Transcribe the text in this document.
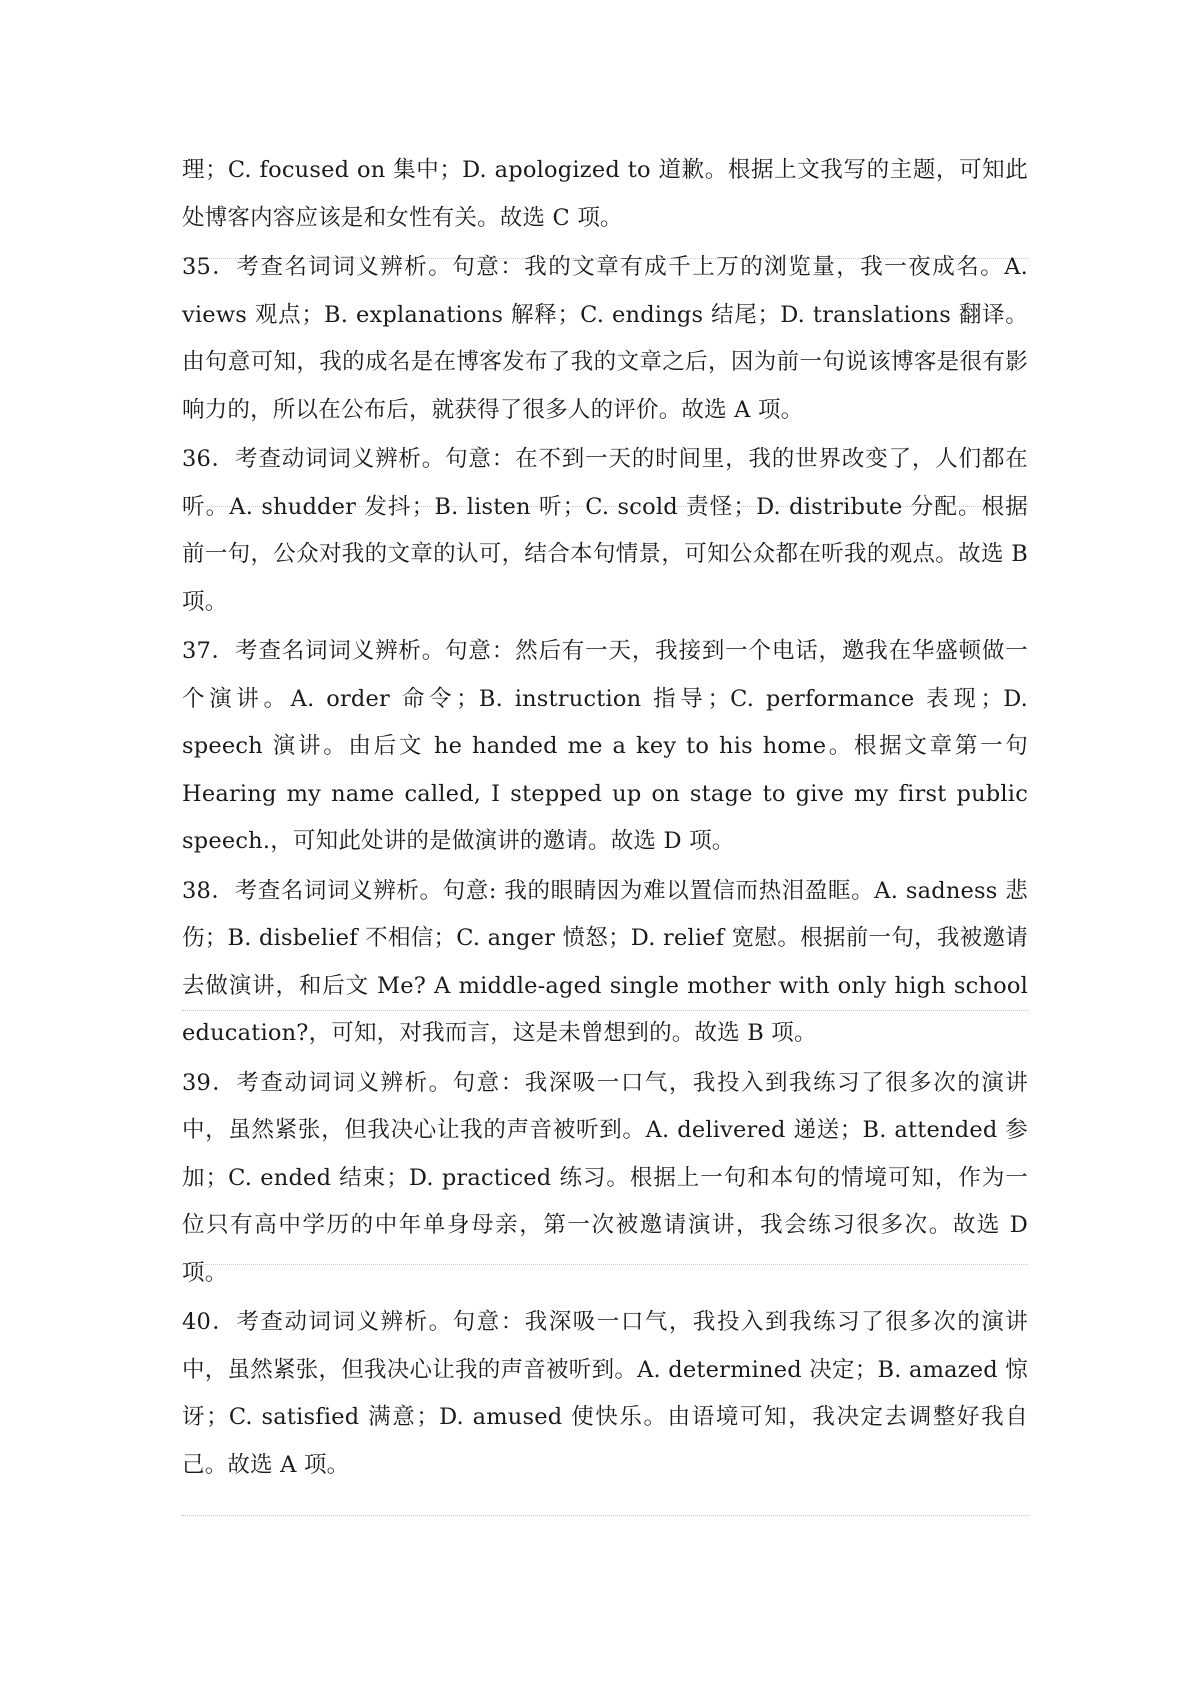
理；C. focused on 集中；D. apologized to 道歉。根据上文我写的主题，可知此处博客内容应该是和女性有关。故选 C 项。

35．考查名词词义辨析。句意：我的文章有成千上万的浏览量，我一夜成名。A. views 观点；B. explanations 解释；C. endings 结尾；D. translations 翻译。由句意可知，我的成名是在博客发布了我的文章之后，因为前一句说该博客是很有影响力的，所以在公布后，就获得了很多人的评价。故选 A 项。

36．考查动词词义辨析。句意：在不到一天的时间里，我的世界改变了，人们都在听。A. shudder 发抖；B. listen 听；C. scold 责怪；D. distribute 分配。根据前一句，公众对我的文章的认可，结合本句情景，可知公众都在听我的观点。故选 B 项。

37．考查名词词义辨析。句意：然后有一天，我接到一个电话，邀我在华盛顿做一个演讲。A. order 命令；B. instruction 指导；C. performance 表现；D. speech 演讲。由后文 he handed me a key to his home。根据文章第一句 Hearing my name called, I stepped up on stage to give my first public speech.，可知此处讲的是做演讲的邀请。故选 D 项。

38．考查名词词义辨析。句意: 我的眼睛因为难以置信而热泪盈眶。A. sadness 悲伤；B. disbelief 不相信；C. anger 愤怒；D. relief 宽慰。根据前一句，我被邀请去做演讲，和后文 Me? A middle-aged single mother with only high school education?，可知，对我而言，这是未曾想到的。故选 B 项。

39．考查动词词义辨析。句意：我深吸一口气，我投入到我练习了很多次的演讲中，虽然紧张，但我决心让我的声音被听到。A. delivered 递送；B. attended 参加；C. ended 结束；D. practiced 练习。根据上一句和本句的情境可知，作为一位只有高中学历的中年单身母亲，第一次被邀请演讲，我会练习很多次。故选 D 项。

40．考查动词词义辨析。句意：我深吸一口气，我投入到我练习了很多次的演讲中，虽然紧张，但我决心让我的声音被听到。A. determined 决定；B. amazed 惊讶；C. satisfied 满意；D. amused 使快乐。由语境可知，我决定去调整好我自己。故选 A 项。
